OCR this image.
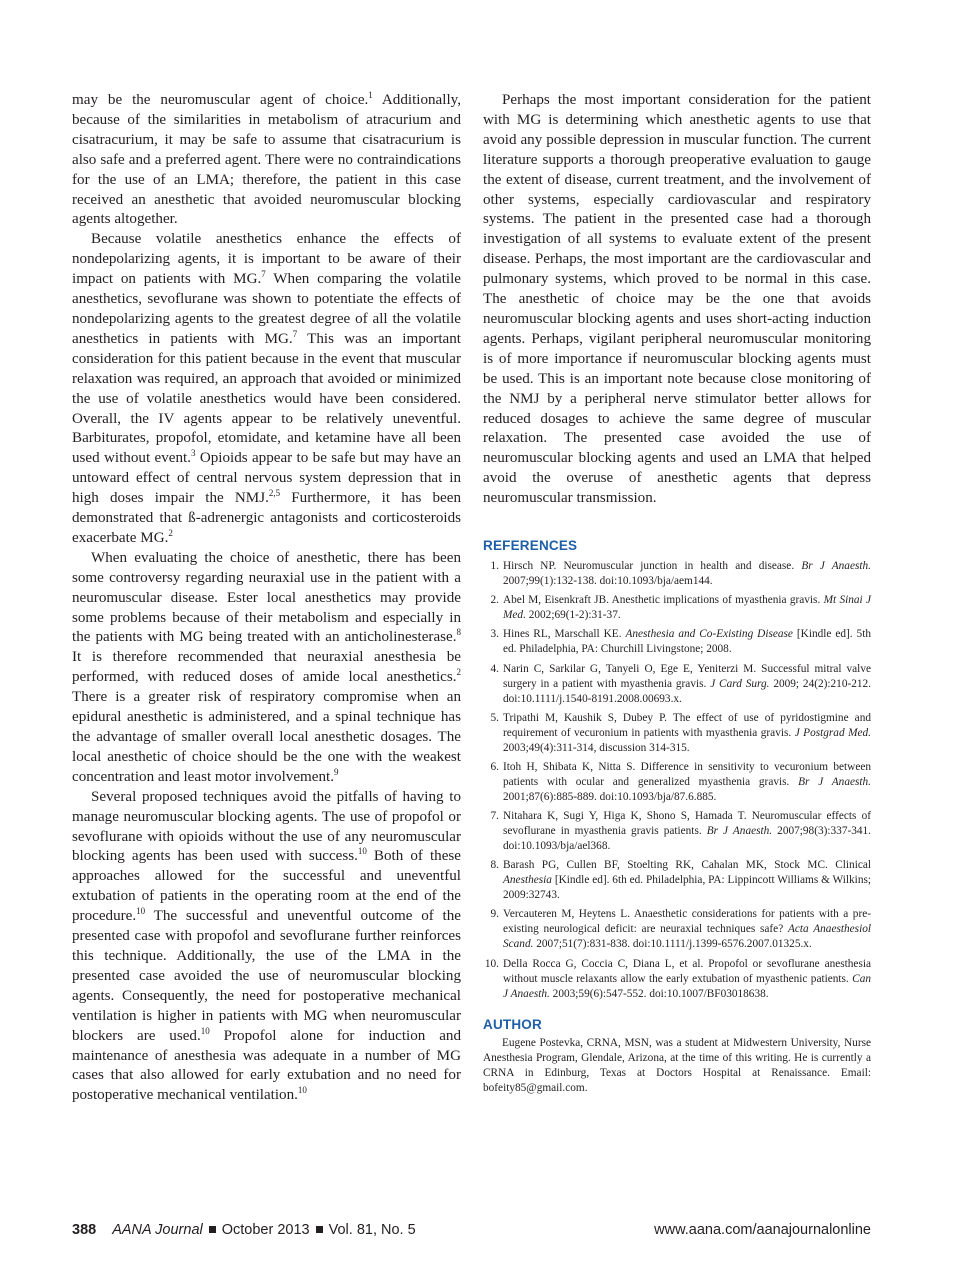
may be the neuromuscular agent of choice.$^1$ Additionally, because of the similarities in metabolism of atracurium and cisatracurium, it may be safe to assume that cisatracurium is also safe and a preferred agent. There were no contraindications for the use of an LMA; therefore, the patient in this case received an anesthetic that avoided neuromuscular blocking agents altogether.

Because volatile anesthetics enhance the effects of nondepolarizing agents, it is important to be aware of their impact on patients with MG.$^7$ When comparing the volatile anesthetics, sevoflurane was shown to potentiate the effects of nondepolarizing agents to the greatest degree of all the volatile anesthetics in patients with MG.$^7$ This was an important consideration for this patient because in the event that muscular relaxation was required, an approach that avoided or minimized the use of volatile anesthetics would have been considered. Overall, the IV agents appear to be relatively uneventful. Barbiturates, propofol, etomidate, and ketamine have all been used without event.$^3$ Opioids appear to be safe but may have an untoward effect of central nervous system depression that in high doses impair the NMJ.$^{2,5}$ Furthermore, it has been demonstrated that ß-adrenergic antagonists and corticosteroids exacerbate MG.$^2$

When evaluating the choice of anesthetic, there has been some controversy regarding neuraxial use in the patient with a neuromuscular disease. Ester local anesthetics may provide some problems because of their metabolism and especially in the patients with MG being treated with an anticholinesterase.$^8$ It is therefore recommended that neuraxial anesthesia be performed, with reduced doses of amide local anesthetics.$^2$ There is a greater risk of respiratory compromise when an epidural anesthetic is administered, and a spinal technique has the advantage of smaller overall local anesthetic dosages. The local anesthetic of choice should be the one with the weakest concentration and least motor involvement.$^9$

Several proposed techniques avoid the pitfalls of having to manage neuromuscular blocking agents. The use of propofol or sevoflurane with opioids without the use of any neuromuscular blocking agents has been used with success.$^{10}$ Both of these approaches allowed for the successful and uneventful extubation of patients in the operating room at the end of the procedure.$^{10}$ The successful and uneventful outcome of the presented case with propofol and sevoflurane further reinforces this technique. Additionally, the use of the LMA in the presented case avoided the use of neuromuscular blocking agents. Consequently, the need for postoperative mechanical ventilation is higher in patients with MG when neuromuscular blockers are used.$^{10}$ Propofol alone for induction and maintenance of anesthesia was adequate in a number of MG cases that also allowed for early extubation and no need for postoperative mechanical ventilation.$^{10}$

Perhaps the most important consideration for the patient with MG is determining which anesthetic agents to use that avoid any possible depression in muscular function. The current literature supports a thorough preoperative evaluation to gauge the extent of disease, current treatment, and the involvement of other systems, especially cardiovascular and respiratory systems. The patient in the presented case had a thorough investigation of all systems to evaluate extent of the present disease. Perhaps, the most important are the cardiovascular and pulmonary systems, which proved to be normal in this case. The anesthetic of choice may be the one that avoids neuromuscular blocking agents and uses short-acting induction agents. Perhaps, vigilant peripheral neuromuscular monitoring is of more importance if neuromuscular blocking agents must be used. This is an important note because close monitoring of the NMJ by a peripheral nerve stimulator better allows for reduced dosages to achieve the same degree of muscular relaxation. The presented case avoided the use of neuromuscular blocking agents and used an LMA that helped avoid the overuse of anesthetic agents that depress neuromuscular transmission.

REFERENCES
1 . Hirsch NP. Neuromuscular junction in health and disease. Br J Anaesth. 2007;99(1):132-138. doi:10.1093/bja/aem144.
2 . Abel M, Eisenkraft JB. Anesthetic implications of myasthenia gravis. Mt Sinai J Med. 2002;69(1-2):31-37.
3 . Hines RL, Marschall KE. Anesthesia and Co-Existing Disease [Kindle ed]. 5th ed. Philadelphia, PA: Churchill Livingstone; 2008.
4 . Narin C, Sarkilar G, Tanyeli O, Ege E, Yeniterzi M. Successful mitral valve surgery in a patient with myasthenia gravis. J Card Surg. 2009; 24(2):210-212. doi:10.1111/j.1540-8191.2008.00693.x.
5 . Tripathi M, Kaushik S, Dubey P. The effect of use of pyridostigmine and requirement of vecuronium in patients with myasthenia gravis. J Postgrad Med. 2003;49(4):311-314, discussion 314-315.
6 . Itoh H, Shibata K, Nitta S. Difference in sensitivity to vecuronium between patients with ocular and generalized myasthenia gravis. Br J Anaesth. 2001;87(6):885-889. doi:10.1093/bja/87.6.885.
7 . Nitahara K, Sugi Y, Higa K, Shono S, Hamada T. Neuromuscular effects of sevoflurane in myasthenia gravis patients. Br J Anaesth. 2007;98(3):337-341. doi:10.1093/bja/ael368.
8 . Barash PG, Cullen BF, Stoelting RK, Cahalan MK, Stock MC. Clinical Anesthesia [Kindle ed]. 6th ed. Philadelphia, PA: Lippincott Williams & Wilkins; 2009:32743.
9 . Vercauteren M, Heytens L. Anaesthetic considerations for patients with a pre-existing neurological deficit: are neuraxial techniques safe? Acta Anaesthesiol Scand. 2007;51(7):831-838. doi:10.1111/j.1399-6576.2007.01325.x.
10 . Della Rocca G, Coccia C, Diana L, et al. Propofol or sevoflurane anesthesia without muscle relaxants allow the early extubation of myasthenic patients. Can J Anaesth. 2003;59(6):547-552. doi:10.1007/BF03018638.
AUTHOR

Eugene Postevka, CRNA, MSN, was a student at Midwestern University, Nurse Anesthesia Program, Glendale, Arizona, at the time of this writing. He is currently a CRNA in Edinburg, Texas at Doctors Hospital at Renaissance. Email: bofeity85@gmail.com.

388 AANA Journal October 2013 Vol. 81, No. 5	www.aana.com/aanajournalonline
